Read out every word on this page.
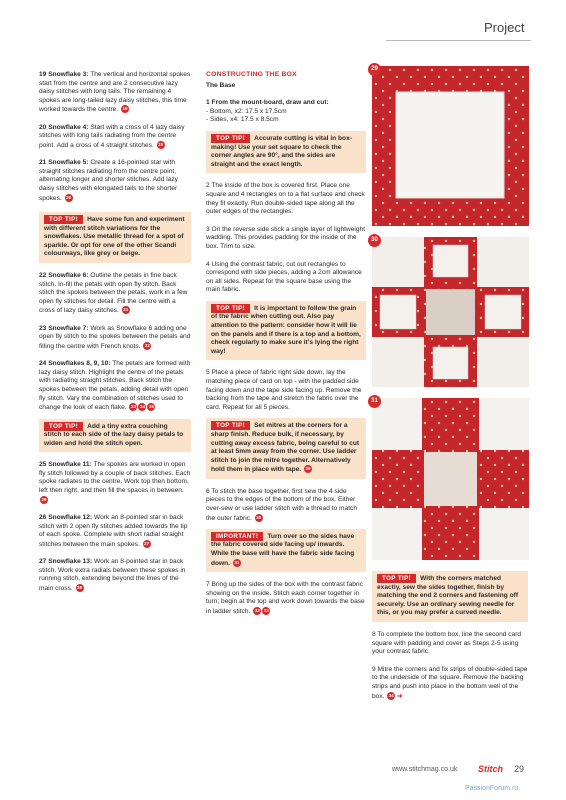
Project

19 Snowflake 3: The vertical and horizontal spokes start from the centre and are 2 consecutive lazy daisy stitches with long tails. The remaining 4 spokes are long-tailed lazy daisy stitches, this time worked towards the centre. 19

20 Snowflake 4: Start with a cross of 4 lazy daisy stitches with long tails radiating from the centre point. Add a cross of 4 straight stitches. 19

21 Snowflake 5: Create a 16-pointed star with straight stitches radiating from the centre point, alternating longer and shorter stitches. Add lazy daisy stitches with elongated tails to the shorter spokes. 20

TOP TIP! Have some fun and experiment with different stitch variations for the snowflakes. Use metallic thread for a spot of sparkle. Or opt for one of the other Scandi colourways, like grey or beige.

22 Snowflake 6: Outline the petals in fine back stitch. In-fill the petals with open fly stitch. Back stitch the spokes between the petals, work in a few open fly stitches for detail. Fill the centre with a cross of lazy daisy stitches. 21

23 Snowflake 7: Work as Snowflake 6 adding one open fly stitch to the spokes between the petals and filling the centre with French knots. 22

24 Snowflakes 8, 9, 10: The petals are formed with lazy daisy stitch. Highlight the centre of the petals with radiating straight stitches. Back stitch the spokes between the petals, adding detail with open fly stitch. Vary the combination of stitches used to change the look of each flake. 23 24 25

TOP TIP! Add a tiny extra couching stitch to each side of the lazy daisy petals to widen and hold the stitch open.

25 Snowflake 11: The spokes are worked in open fly stitch followed by a couple of back stitches. Each spoke radiates to the centre. Work top then bottom, left then right, and then fill the spaces in between. 26

26 Snowflake 12: Work an 8-pointed star in back stitch with 2 open fly stitches added towards the tip of each spoke. Complete with short radial straight stitches between the main spokes. 27

27 Snowflake 13: Work an 8-pointed star in back stitch. Work extra radials between these spokes in running stitch, extending beyond the lines of the main cross. 28

CONSTRUCTING THE BOX

The Base

1 From the mount-board, draw and cut:
- Bottom, x2: 17.5 x 17.5cm
- Sides, x4: 17.5 x 8.5cm

TOP TIP! Accurate cutting is vital in box-making! Use your set square to check the corner angles are 90°, and the sides are straight and the exact length.

2 The inside of the box is covered first. Place one square and 4 rectangles on to a flat surface and check they fit exactly. Run double-sided tape along all the outer edges of the rectangles.

3 On the reverse side stick a single layer of lightweight wadding. This provides padding for the inside of the box. Trim to size.

4 Using the contrast fabric, cut out rectangles to correspond with side pieces, adding a 2cm allowance on all sides. Repeat for the square base using the main fabric.

TOP TIP! It is important to follow the grain of the fabric when cutting out. Also pay attention to the pattern: consider how it will lie on the panels and if there is a top and a bottom, check regularly to make sure it’s lying the right way!

5 Place a piece of fabric right side down, lay the matching piece of card on top - with the padded side facing down and the tape side facing up. Remove the backing from the tape and stretch the fabric over the card. Repeat for all 5 pieces.

TOP TIP! Set mitres at the corners for a sharp finish. Reduce bulk, if necessary, by cutting away excess fabric, being careful to cut at least 5mm away from the corner. Use ladder stitch to join the mitre together. Alternatively hold them in place with tape. 29

6 To stitch the base together, first sew the 4 side pieces to the edges of the bottom of the box. Either over-sew or use ladder stitch with a thread to match the outer fabric. 30

IMPORTANT! Turn over so the sides have the fabric covered side facing up/ inwards. While the base will have the fabric side facing down. 31

7 Bring up the sides of the box with the contrast fabric showing on the inside. Stitch each corner together in turn; begin at the top and work down towards the base in ladder stitch. 32 33

TOP TIP! With the corners matched exactly, sew the sides together, finish by matching the end 2 corners and fastening off securely. Use an ordinary sewing needle for this, or you may prefer a curved needle.

8 To complete the bottom box, line the second card square with padding and cover as Steps 2-5 using your contrast fabric.

9 Mitre the corners and fix strips of double-sided tape to the underside of the square. Remove the backing strips and push into place in the bottom well of the box. 34 ➔

29
30
31
www.stitchmag.co.uk Stitch 29
PassionForum.ru
